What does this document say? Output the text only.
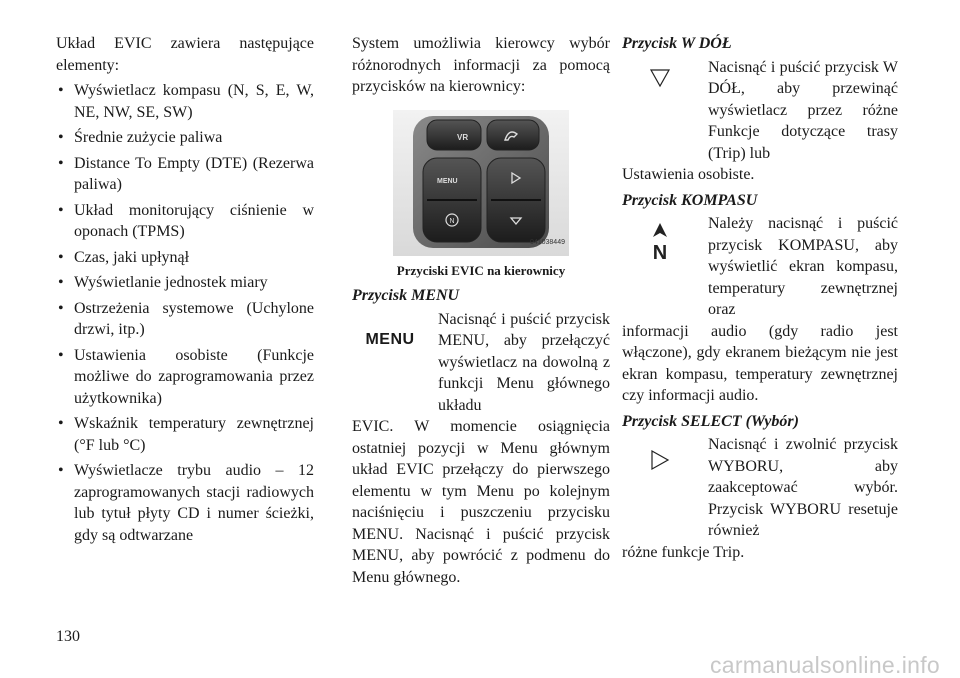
Układ EVIC zawiera następujące elementy:

• Wyświetlacz kompasu (N, S, E, W, NE, NW, SE, SW)
• Średnie zużycie paliwa
• Distance To Empty (DTE) (Rezerwa paliwa)
• Układ monitorujący ciśnienie w oponach (TPMS)
• Czas, jaki upłynął
• Wyświetlanie jednostek miary
• Ostrzeżenia systemowe (Uchylone drzwi, itp.)
• Ustawienia osobiste (Funkcje możliwe do zaprogramowania przez użytkownika)
• Wskaźnik temperatury zewnętrznej (°F lub °C)
• Wyświetlacze trybu audio – 12 zaprogramowanych stacji radiowych lub tytuł płyty CD i numer ścieżki, gdy są odtwarzane

System umożliwia kierowcy wybór różnorodnych informacji za pomocą przycisków na kierownicy:

N
VR
MENU
041038449
Przyciski EVIC na kierownicy

Przycisk MENU

MENU
Nacisnąć i puścić przycisk MENU, aby przełączyć wyświetlacz na dowolną z funkcji Menu głównego układu

EVIC. W momencie osiągnięcia ostatniej pozycji w Menu głównym układ EVIC przełączy do pierwszego elementu w tym Menu po kolejnym naciśnięciu i puszczeniu przycisku MENU. Nacisnąć i puścić przycisk MENU, aby powrócić z podmenu do Menu głównego.

Przycisk W DÓŁ

Nacisnąć i puścić przycisk W DÓŁ, aby przewinąć wyświetlacz przez różne Funkcje dotyczące trasy (Trip) lub

Ustawienia osobiste.

Przycisk KOMPASU

N
Należy nacisnąć i puścić przycisk KOMPASU, aby wyświetlić ekran kompasu, temperatury zewnętrznej oraz

informacji audio (gdy radio jest włączone), gdy ekranem bieżącym nie jest ekran kompasu, temperatury zewnętrznej czy informacji audio.

Przycisk SELECT (Wybór)

Nacisnąć i zwolnić przycisk WYBORU, aby zaakceptować wybór. Przycisk WYBORU resetuje również

różne funkcje Trip.

130
carmanualsonline.info
